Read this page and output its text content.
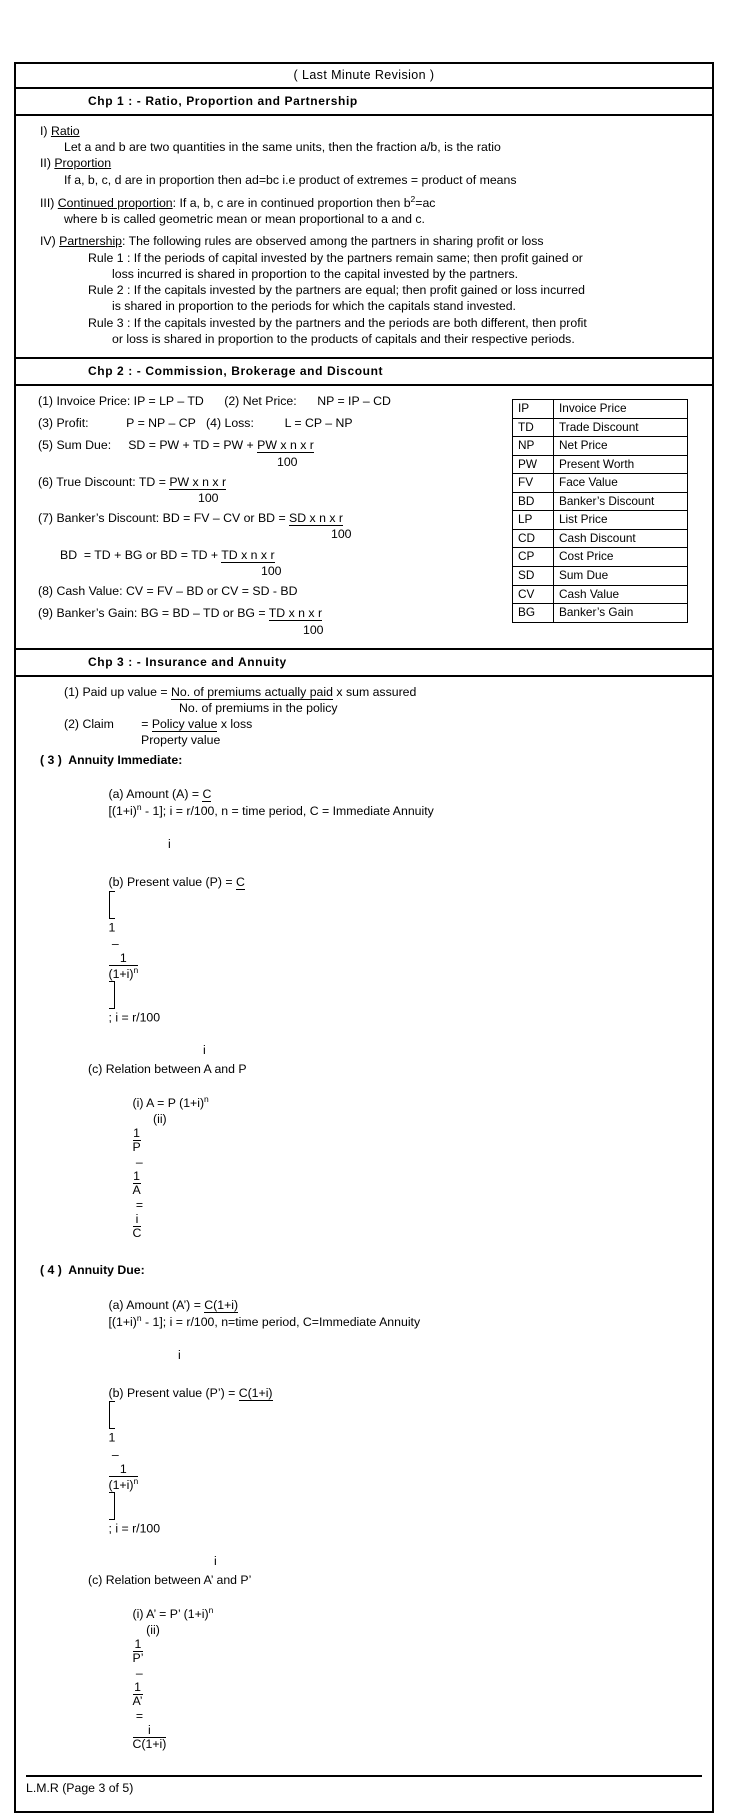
( Last Minute Revision )
Chp 1 : - Ratio, Proportion and Partnership
I) Ratio
Let a and b are two quantities in the same units, then the fraction a/b, is the ratio
II) Proportion
If a, b, c, d are in proportion then ad=bc i.e product of extremes = product of means
III) Continued proportion: If a, b, c are in continued proportion then $b^2=ac$
where b is called geometric mean or mean proportional to a and c.
IV) Partnership: The following rules are observed among the partners in sharing profit or loss
Rule 1 : If the periods of capital invested by the partners remain same; then profit gained or
loss incurred is shared in proportion to the capital invested by the partners.
Rule 2 : If the capitals invested by the partners are equal; then profit gained or loss incurred
is shared in proportion to the periods for which the capitals stand invested.
Rule 3 : If the capitals invested by the partners and the periods are both different, then profit
or loss is shared in proportion to the products of capitals and their respective periods.
Chp 2 : - Commission, Brokerage and Discount
(1) Invoice Price: IP = LP – TD (2) Net Price: NP = IP – CD
(3) Profit:	P = NP – CP (4) Loss:	L = CP – NP
(5) Sum Due: SD = PW + TD = PW + PW x n x r
100
(6) True Discount: TD = PW x n x r
100
(7) Banker’s Discount: BD = FV – CV or BD = SD x n x r
100
BD  = TD + BG or BD = TD + TD x n x r
100
(8) Cash Value: CV = FV – BD or CV = SD - BD
(9) Banker’s Gain: BG = BD – TD or BG = TD x n x r
100
IP	Invoice Price
TD	Trade Discount
NP	Net Price
PW	Present Worth
FV	Face Value
BD	Banker’s Discount
LP	List Price
CD	Cash Discount
CP	Cost Price
SD	Sum Due
CV	Cash Value
BG	Banker’s Gain
Chp 3 : - Insurance and Annuity
(1) Paid up value = No. of premiums actually paid x sum assured
No. of premiums in the policy
(2) Claim = Policy value x loss
Property value
( 3 )  Annuity Immediate:

(a) Amount (A) = C
$[(1+i)^n - 1]$; i = r/100, n = time period, C = Immediate Annuity

i

(b) Present value (P) = C

1
–

$\frac{1}{(1+i)^n}$

; i = r/100

i
(c) Relation between A and P

(i) A = P $(1+i)^n$
(ii)

$\frac{1}{P}$

–

$\frac{1}{A}$

=

$\frac{i}{C}$

( 4 )  Annuity Due:

(a) Amount (A’) = C(1+i)
$[(1+i)^n - 1]$; i = r/100, n=time period, C=Immediate Annuity

i

(b) Present value (P’) = C(1+i)

1
–

$\frac{1}{(1+i)^n}$

; i = r/100

i
(c) Relation between A’ and P’

(i) A’ = P’ $(1+i)^n$
(ii)

$\frac{1}{P’}$

–

$\frac{1}{A’}$

=

$\frac{i}{C(1+i)}$

L.M.R (Page 3 of 5)
